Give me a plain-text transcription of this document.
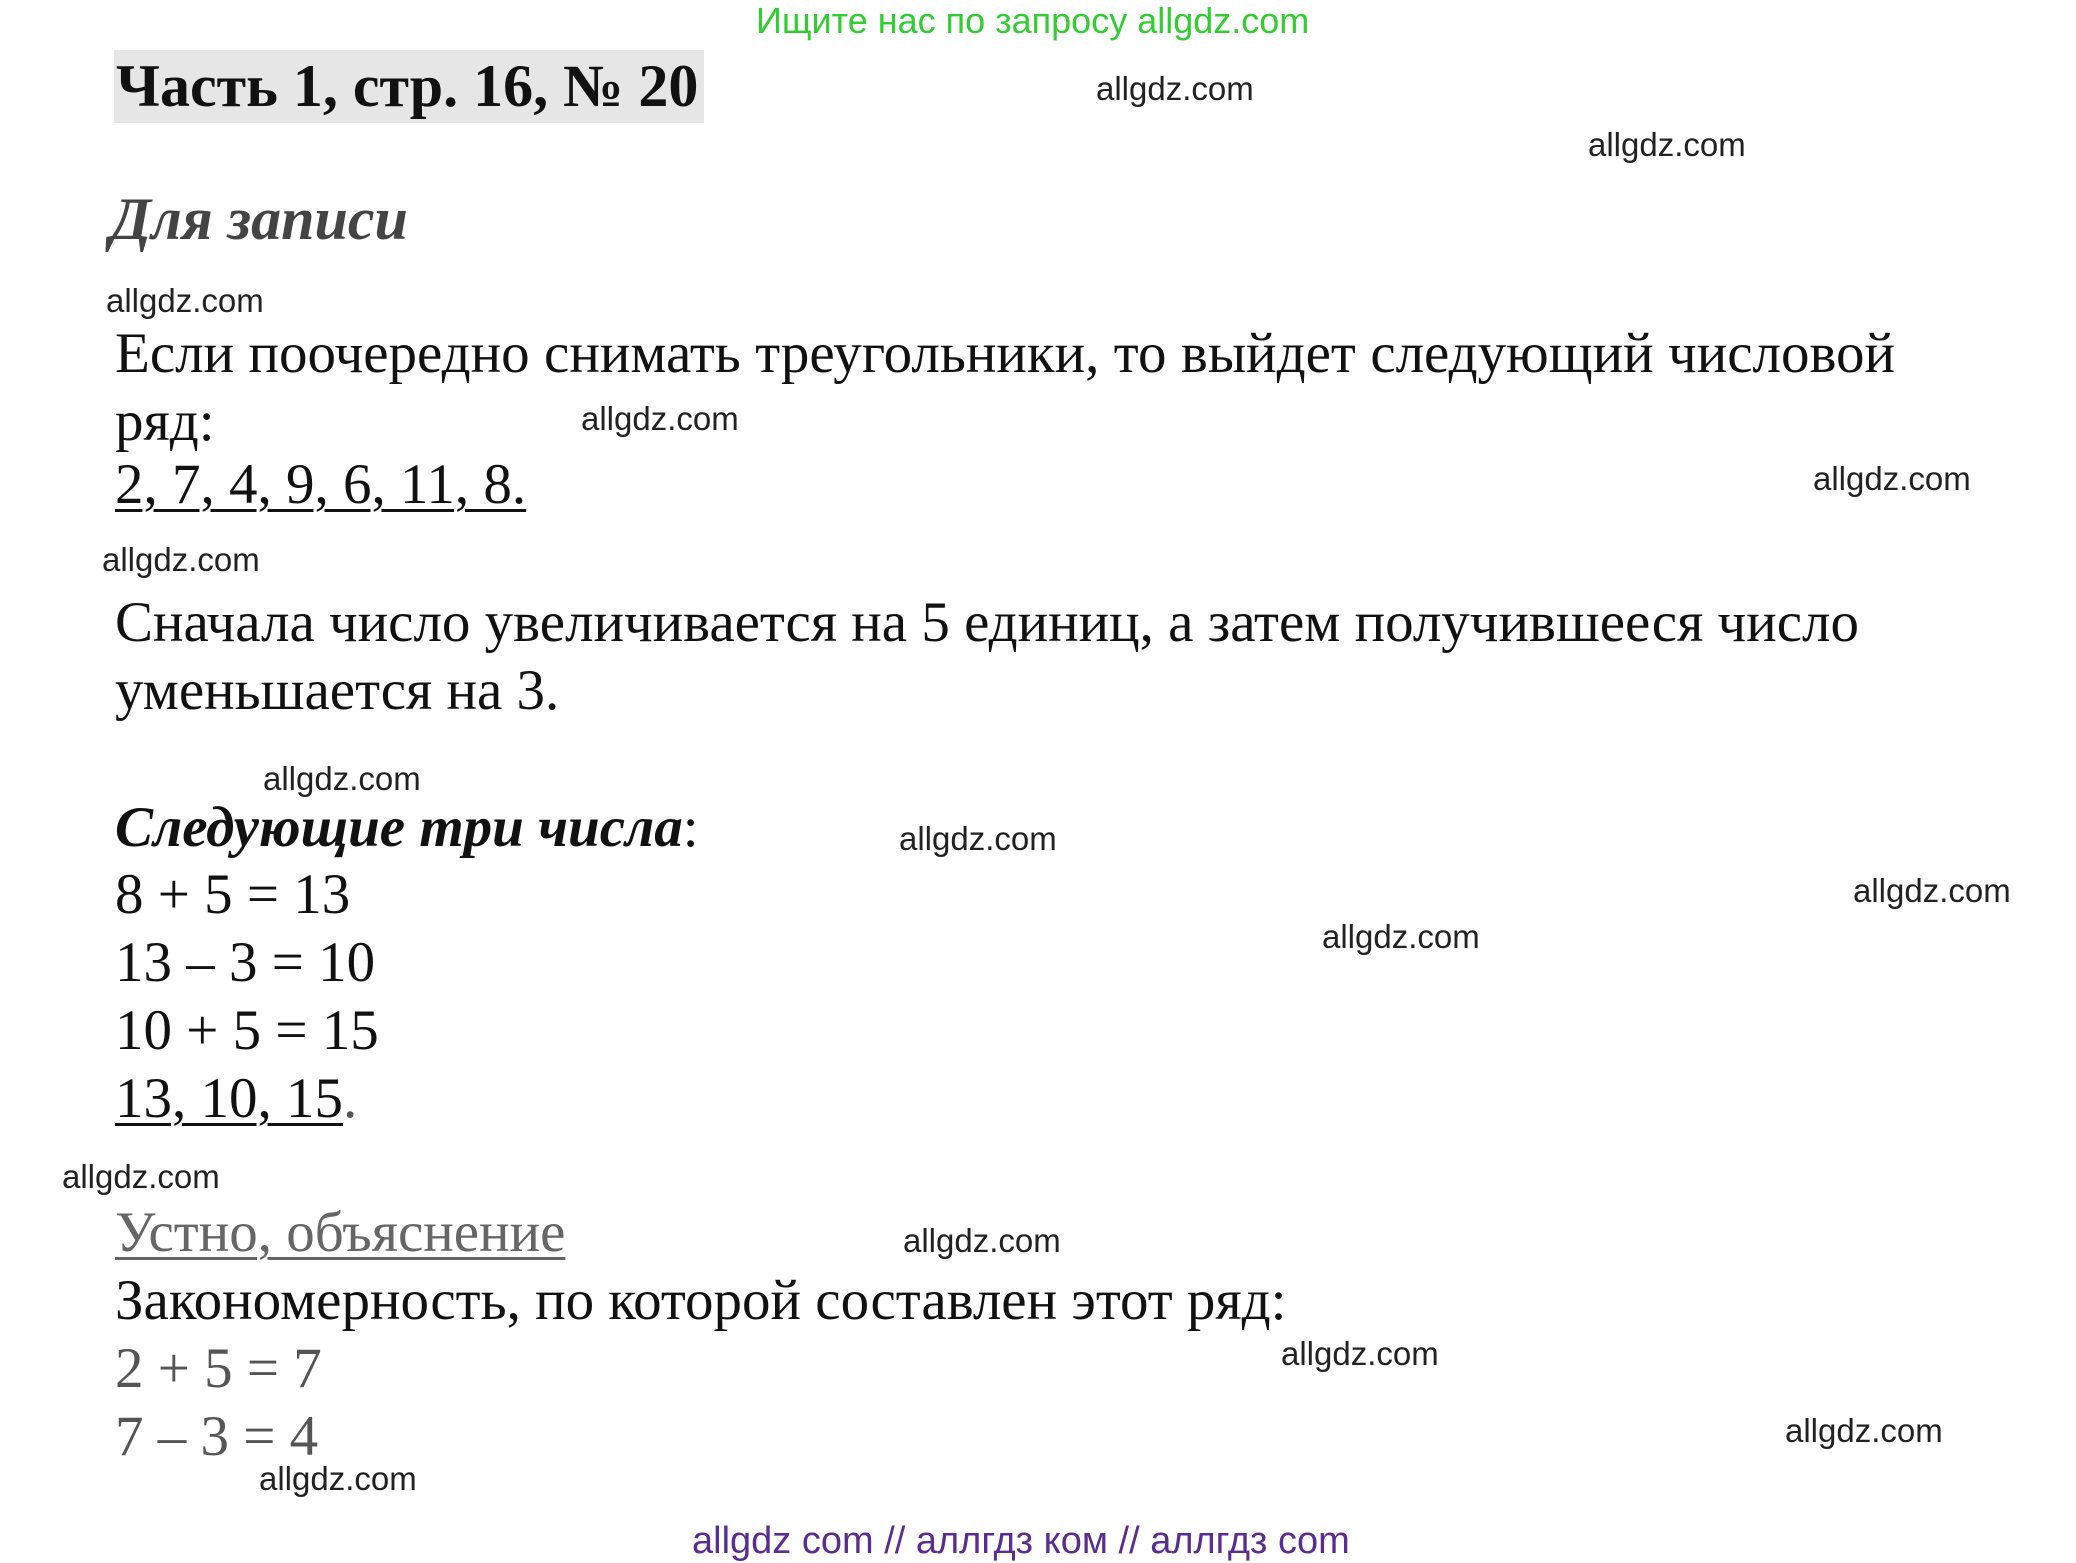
Ищите нас по запросу allgdz.com
Часть 1, стр. 16, № 20
Для записи
Если поочередно снимать треугольники, то выйдет следующий числовой ряд:
2, 7, 4, 9, 6, 11, 8.
Сначала число увеличивается на 5 единиц, а затем получившееся число
уменьшается на 3.
Следующие три числа:
8 + 5 = 13
13 – 3 = 10
10 + 5 = 15
13, 10, 15.
Устно, объяснение
Закономерность, по которой составлен этот ряд:
2 + 5 = 7
7 – 3 = 4
allgdz.com
allgdz.com
allgdz.com
allgdz.com
allgdz.com
allgdz.com
allgdz.com
allgdz.com
allgdz.com
allgdz.com
allgdz.com
allgdz.com
allgdz.com
allgdz.com
allgdz.com
allgdz com // аллгдз ком // аллгдз com
